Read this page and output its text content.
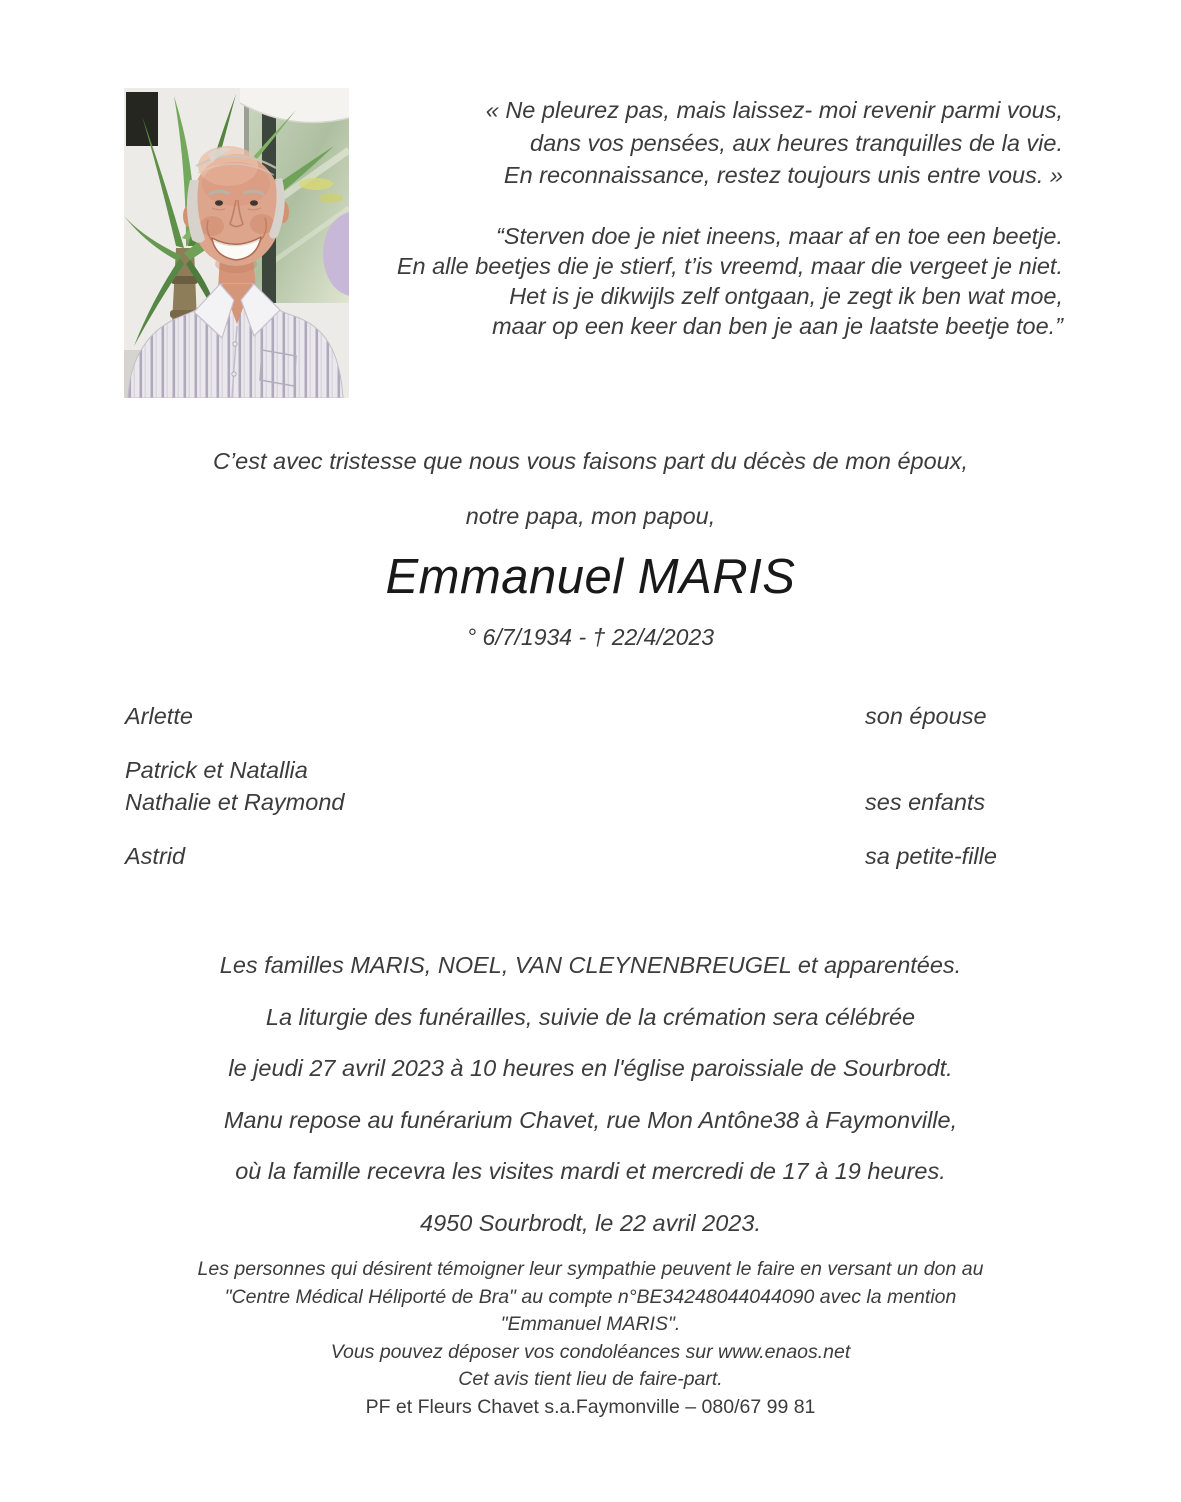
« Ne pleurez pas, mais laissez- moi revenir parmi vous,
dans vos pensées, aux heures tranquilles de la vie.
En reconnaissance, restez toujours unis entre vous. »
“Sterven doe je niet ineens, maar af en toe een beetje.
En alle beetjes die je stierf, t’is vreemd, maar die vergeet je niet.
Het is je dikwijls zelf ontgaan, je zegt ik ben wat moe,
maar op een keer dan ben je aan je laatste beetje toe.”
C’est avec tristesse que nous vous faisons part du décès de mon époux,
notre papa, mon papou,
Emmanuel MARIS
° 6/7/1934 - † 22/4/2023
Arlette	son épouse
Patrick et Natallia
Nathalie et Raymond	ses enfants
Astrid	sa petite-fille
Les familles MARIS, NOEL, VAN CLEYNENBREUGEL et apparentées.
La liturgie des funérailles, suivie de la crémation sera célébrée
le jeudi 27 avril 2023 à 10 heures en l'église paroissiale de Sourbrodt.
Manu repose au funérarium Chavet, rue Mon Antône38 à Faymonville,
où la famille recevra les visites mardi et mercredi de 17 à 19 heures.
4950 Sourbrodt, le 22 avril 2023.
Les personnes qui désirent témoigner leur sympathie peuvent le faire en versant un don au
"Centre Médical Héliporté de Bra" au compte n°BE34248044044090 avec la mention
"Emmanuel MARIS".
Vous pouvez déposer vos condoléances sur www.enaos.net
Cet avis tient lieu de faire-part.
PF et Fleurs Chavet s.a.Faymonville – 080/67 99 81
